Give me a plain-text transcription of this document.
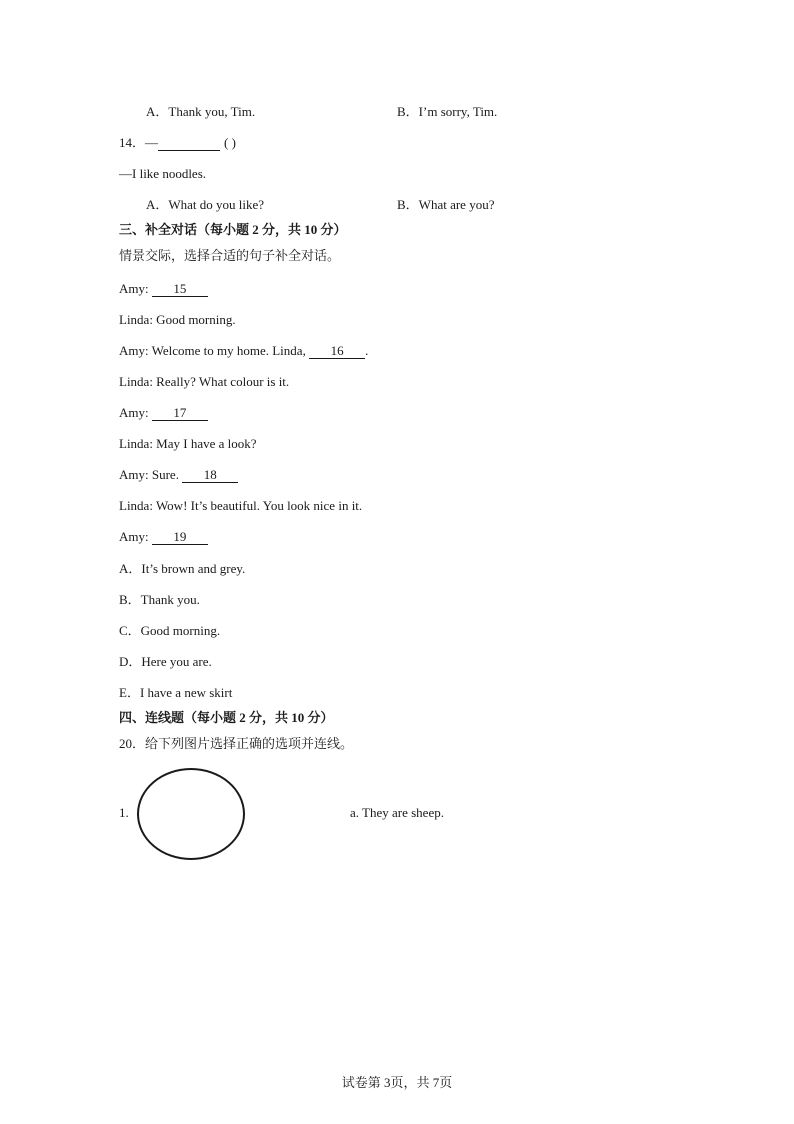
A．Thank you, Tim.	B．I’m sorry, Tim.
14．—	( )
—I like noodles.
A．What do you like?	B．What are you?
三、补全对话（每小题 2 分，共 10 分）
情景交际，选择合适的句子补全对话。
Amy: 15
Linda: Good morning.
Amy: Welcome to my home. Linda, 16 .
Linda: Really? What colour is it.
Amy: 17
Linda: May I have a look?
Amy: Sure. 18
Linda: Wow! It’s beautiful. You look nice in it.
Amy: 19
A．It’s brown and grey.
B．Thank you.
C．Good morning.
D．Here you are.
E．I have a new skirt
四、连线题（每小题 2 分，共 10 分）
20．给下列图片选择正确的选项并连线。
1.	a. They are sheep.
试卷第 3页，共 7页
